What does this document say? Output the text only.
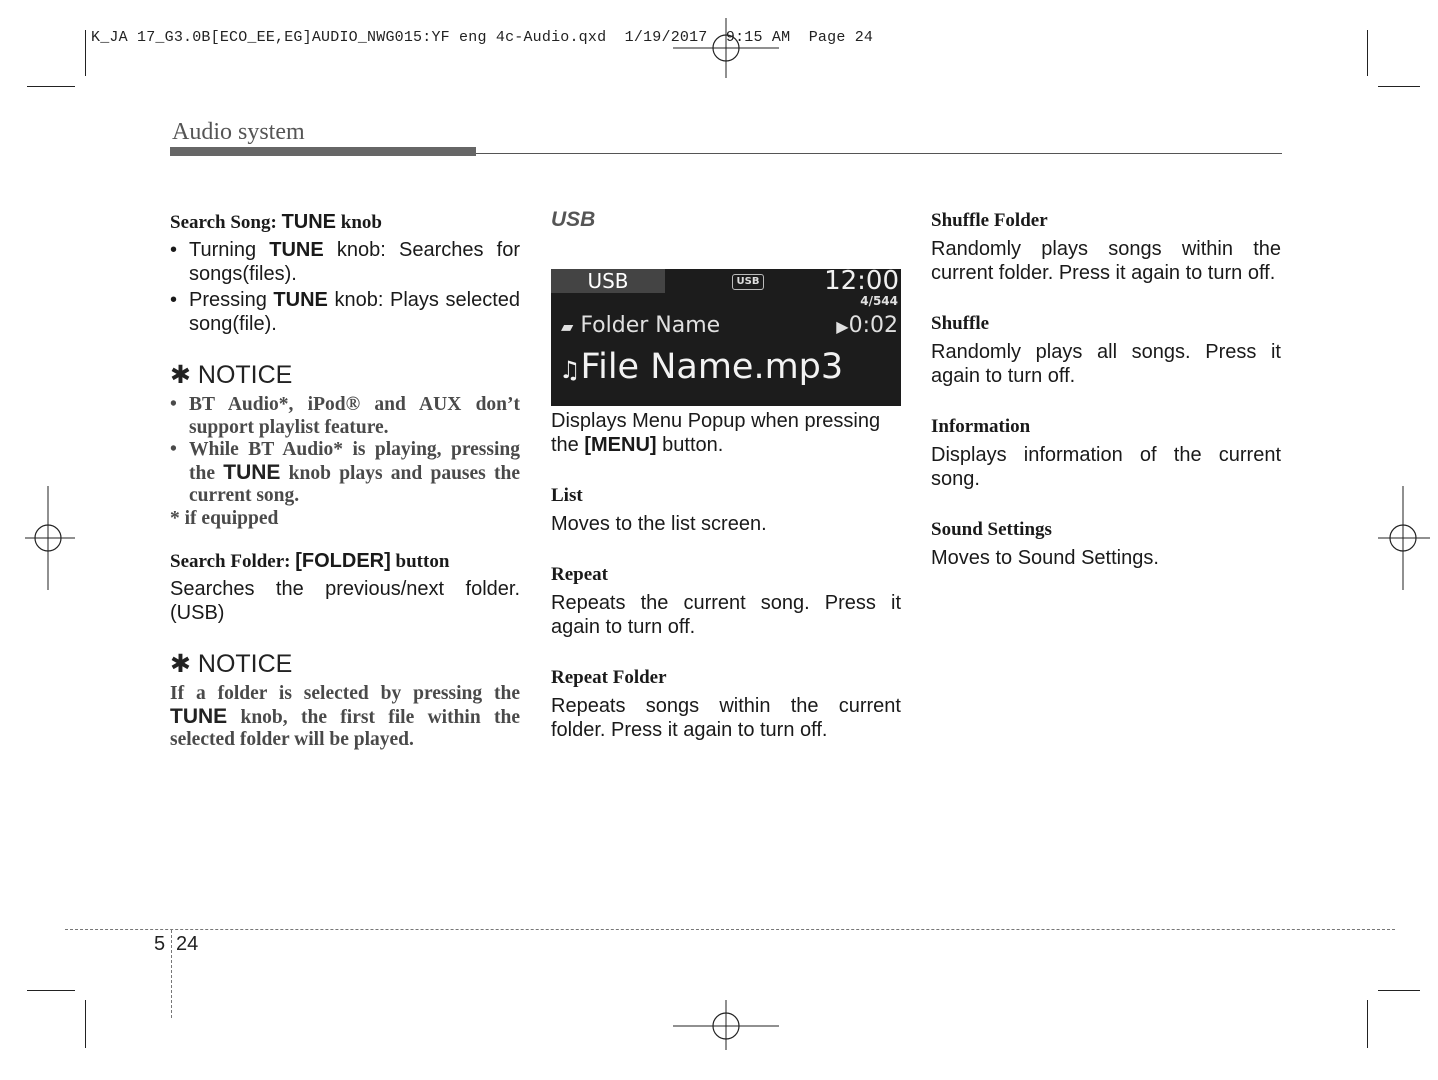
K_JA 17_G3.0B[ECO_EE,EG]AUDIO_NWG015:YF eng 4c-Audio.qxd  1/19/2017  9:15 AM  Page 24
Audio system

Search Song: TUNE knob

• Turning TUNE knob: Searches for songs(files).
• Pressing TUNE knob: Plays selected song(file).

✱ NOTICE

• BT Audio*, iPod® and AUX don’t support playlist feature.
• While BT Audio* is playing, pressing the TUNE knob plays and pauses the current song.
* if equipped

Search Folder: [FOLDER] button

Searches the previous/next folder. (USB)

✱ NOTICE

If a folder is selected by pressing the TUNE knob, the first file within the selected folder will be played.

USB

USB	USB 12:00
4/544
▰ Folder Name	▶0:02
♫File Name.mp3

Displays Menu Popup when pressing the [MENU] button.

List

Moves to the list screen.

Repeat

Repeats the current song. Press it again to turn off.

Repeat Folder

Repeats songs within the current folder. Press it again to turn off.

Shuffle Folder

Randomly plays songs within the current folder. Press it again to turn off.

Shuffle

Randomly plays all songs. Press it again to turn off.

Information

Displays information of the current song.

Sound Settings

Moves to Sound Settings.

5 24
